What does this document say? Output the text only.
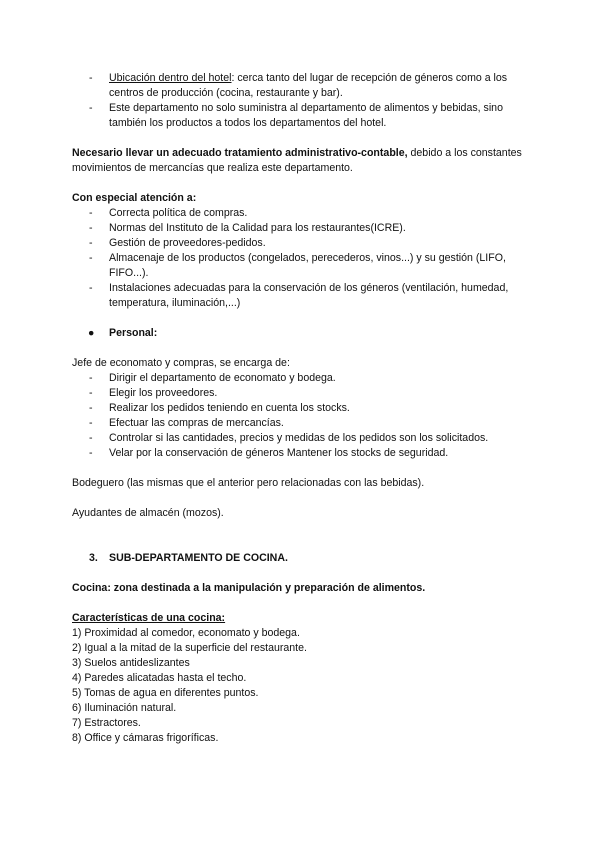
- Ubicación dentro del hotel: cerca tanto del lugar de recepción de géneros como a los centros de producción (cocina, restaurante y bar).
- Este departamento no solo suministra al departamento de alimentos y bebidas, sino también los productos a todos los departamentos del hotel.

Necesario llevar un adecuado tratamiento administrativo-contable, debido a los constantes movimientos de mercancías que realiza este departamento.

Con especial atención a:

- Correcta política de compras.
- Normas del Instituto de la Calidad para los restaurantes(ICRE).
- Gestión de proveedores-pedidos.
- Almacenaje de los productos (congelados, perecederos, vinos...) y su gestión (LIFO, FIFO...).
- Instalaciones adecuadas para la conservación de los géneros (ventilación, humedad, temperatura, iluminación,...)
● Personal:

Jefe de economato y compras, se encarga de:

- Dirigir el departamento de economato y bodega.
- Elegir los proveedores.
- Realizar los pedidos teniendo en cuenta los stocks.
- Efectuar las compras de mercancías.
- Controlar si las cantidades, precios y medidas de los pedidos son los solicitados.
- Velar por la conservación de géneros Mantener los stocks de seguridad.

Bodeguero (las mismas que el anterior pero relacionadas con las bebidas).

Ayudantes de almacén (mozos).

3. SUB-DEPARTAMENTO DE COCINA.

Cocina: zona destinada a la manipulación y preparación de alimentos.

Características de una cocina:

1) Proximidad al comedor, economato y bodega.

2) Igual a la mitad de la superficie del restaurante.

3) Suelos antideslizantes

4) Paredes alicatadas hasta el techo.

5) Tomas de agua en diferentes puntos.

6) Iluminación natural.

7) Estractores.

8) Office y cámaras frigoríficas.
